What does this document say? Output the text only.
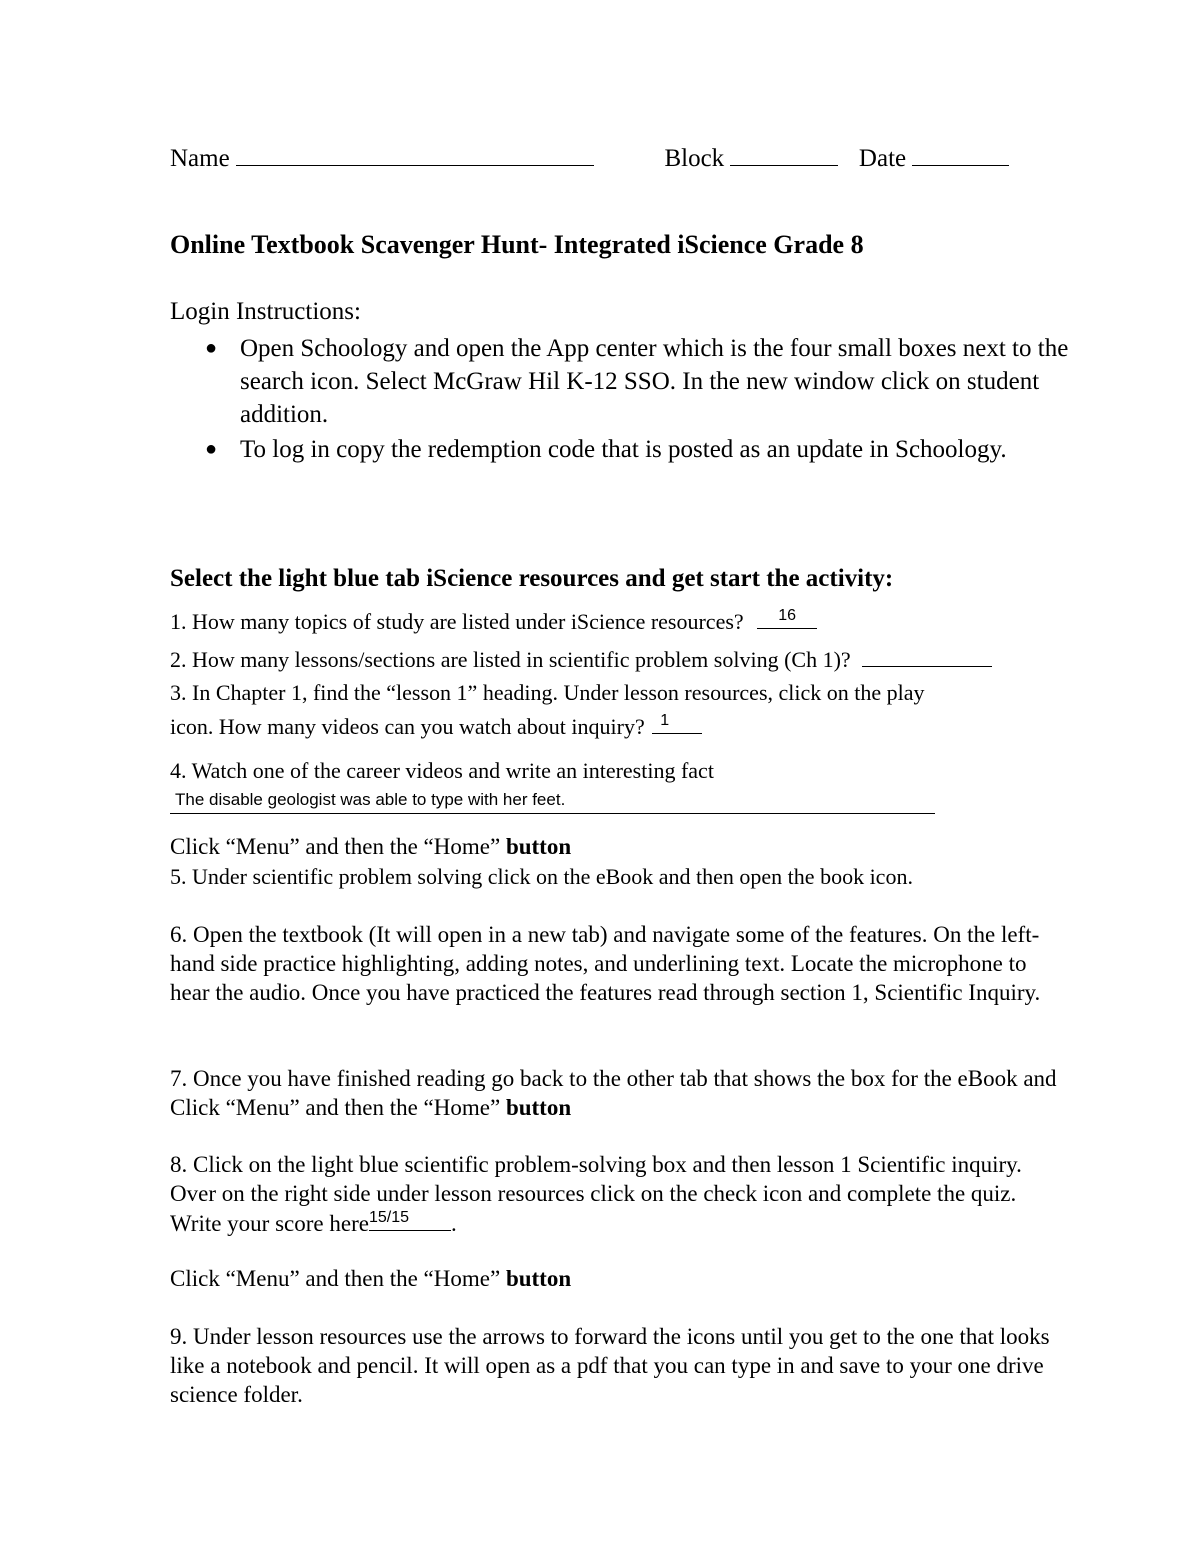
Name	Block	Date
Online Textbook Scavenger Hunt- Integrated iScience Grade 8
Login Instructions:
● Open Schoology and open the App center which is the four small boxes next to the search icon. Select McGraw Hil K-12 SSO. In the new window click on student addition.
● To log in copy the redemption code that is posted as an update in Schoology.
Select the light blue tab iScience resources and get start the activity:
1. How many topics of study are listed under iScience resources?	16
2. How many lessons/sections are listed in scientific problem solving (Ch 1)?
3. In Chapter 1, find the “lesson 1” heading. Under lesson resources, click on the play
icon. How many videos can you watch about inquiry? 1
4. Watch one of the career videos and write an interesting fact
The disable geologist was able to type with her feet.
Click “Menu” and then the “Home” button
5. Under scientific problem solving click on the eBook and then open the book icon.
6. Open the textbook (It will open in a new tab) and navigate some of the features. On the left-hand side practice highlighting, adding notes, and underlining text. Locate the microphone to hear the audio. Once you have practiced the features read through section 1, Scientific Inquiry.
7. Once you have finished reading go back to the other tab that shows the box for the eBook and Click “Menu” and then the “Home” button
8. Click on the light blue scientific problem-solving box and then lesson 1 Scientific inquiry. Over on the right side under lesson resources click on the check icon and complete the quiz. Write your score here 15/15	.
Click “Menu” and then the “Home” button
9. Under lesson resources use the arrows to forward the icons until you get to the one that looks like a notebook and pencil. It will open as a pdf that you can type in and save to your one drive science folder.
